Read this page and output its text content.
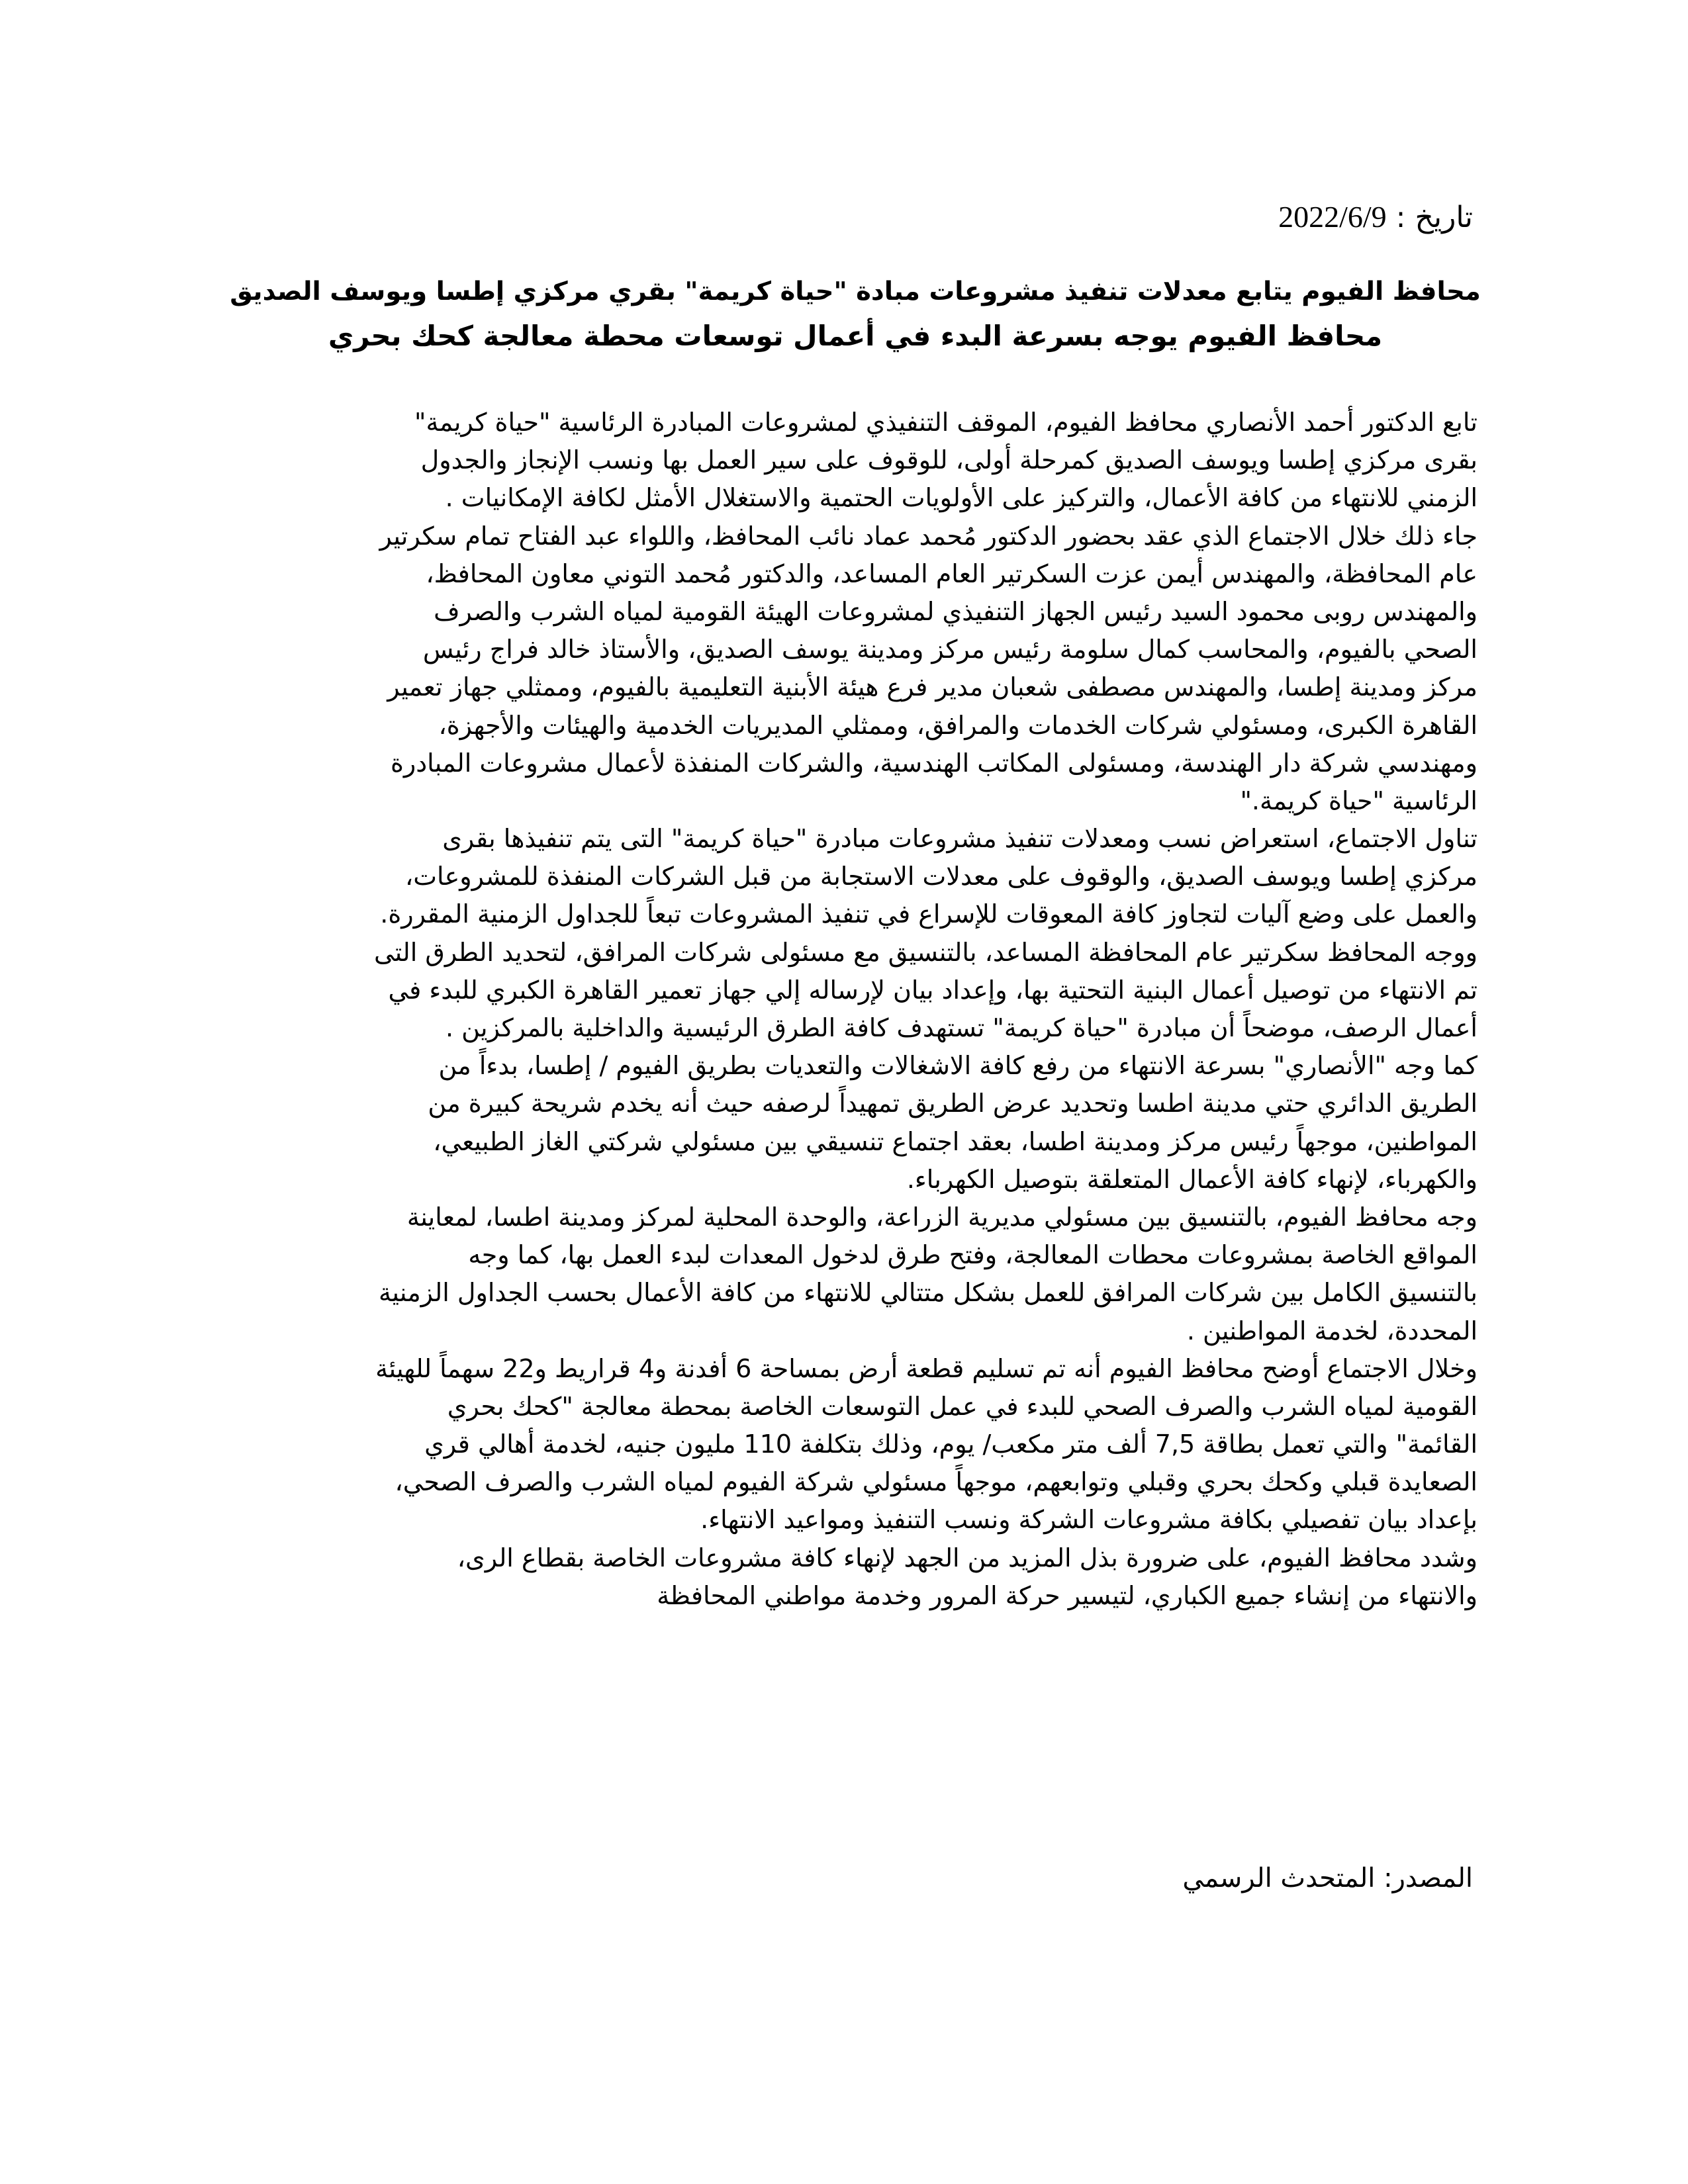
تاريخ : 2022/6/9
محافظ الفيوم يتابع معدلات تنفيذ مشروعات مبادة "حياة كريمة" بقري مركزي إطسا ويوسف الصديق
محافظ الفيوم يوجه بسرعة البدء في أعمال توسعات محطة معالجة كحك بحري
تابع الدكتور أحمد الأنصاري محافظ الفيوم، الموقف التنفيذي لمشروعات المبادرة الرئاسية "حياة كريمة"
بقرى مركزي إطسا ويوسف الصديق كمرحلة أولى، للوقوف على سير العمل بها ونسب الإنجاز والجدول
الزمني للانتهاء من كافة الأعمال، والتركيز على الأولويات الحتمية والاستغلال الأمثل لكافة الإمكانيات .
جاء ذلك خلال الاجتماع الذي عقد بحضور الدكتور مُحمد عماد نائب المحافظ، واللواء عبد الفتاح تمام سكرتير
عام المحافظة، والمهندس أيمن عزت السكرتير العام المساعد، والدكتور مُحمد التوني معاون المحافظ،
والمهندس روبى محمود السيد رئيس الجهاز التنفيذي لمشروعات الهيئة القومية لمياه الشرب والصرف
الصحي بالفيوم، والمحاسب كمال سلومة رئيس مركز ومدينة يوسف الصديق، والأستاذ خالد فراج رئيس
مركز ومدينة إطسا، والمهندس مصطفى شعبان مدير فرع هيئة الأبنية التعليمية بالفيوم، وممثلي جهاز تعمير
القاهرة الكبرى، ومسئولي شركات الخدمات والمرافق، وممثلي المديريات الخدمية والهيئات والأجهزة،
ومهندسي شركة دار الهندسة، ومسئولى المكاتب الهندسية، والشركات المنفذة لأعمال مشروعات المبادرة
الرئاسية "حياة كريمة."
تناول الاجتماع، استعراض نسب ومعدلات تنفيذ مشروعات مبادرة "حياة كريمة" التى يتم تنفيذها بقرى
مركزي إطسا ويوسف الصديق، والوقوف على معدلات الاستجابة من قبل الشركات المنفذة للمشروعات،
والعمل على وضع آليات لتجاوز كافة المعوقات للإسراع في تنفيذ المشروعات تبعاً للجداول الزمنية المقررة.
ووجه المحافظ سكرتير عام المحافظة المساعد، بالتنسيق مع مسئولى شركات المرافق، لتحديد الطرق التى
تم الانتهاء من توصيل أعمال البنية التحتية بها، وإعداد بيان لإرساله إلي جهاز تعمير القاهرة الكبري للبدء في
أعمال الرصف، موضحاً أن مبادرة "حياة كريمة" تستهدف كافة الطرق الرئيسية والداخلية بالمركزين .
كما وجه "الأنصاري" بسرعة الانتهاء من رفع كافة الاشغالات والتعديات بطريق الفيوم / إطسا، بدءاً من
الطريق الدائري حتي مدينة اطسا وتحديد عرض الطريق تمهيداً لرصفه حيث أنه يخدم شريحة كبيرة من
المواطنين، موجهاً رئيس مركز ومدينة اطسا، بعقد اجتماع تنسيقي بين مسئولي شركتي الغاز الطبيعي،
والكهرباء، لإنهاء كافة الأعمال المتعلقة بتوصيل الكهرباء.
وجه محافظ الفيوم، بالتنسيق بين مسئولي مديرية الزراعة، والوحدة المحلية لمركز ومدينة اطسا، لمعاينة
المواقع الخاصة بمشروعات محطات المعالجة، وفتح طرق لدخول المعدات لبدء العمل بها، كما وجه
بالتنسيق الكامل بين شركات المرافق للعمل بشكل متتالي للانتهاء من كافة الأعمال بحسب الجداول الزمنية
المحددة، لخدمة المواطنين .
وخلال الاجتماع أوضح محافظ الفيوم أنه تم تسليم قطعة أرض بمساحة 6 أفدنة و4 قراريط و22 سهماً للهيئة
القومية لمياه الشرب والصرف الصحي للبدء في عمل التوسعات الخاصة بمحطة معالجة "كحك بحري
القائمة" والتي تعمل بطاقة 7,5 ألف متر مكعب/ يوم، وذلك بتكلفة 110 مليون جنيه، لخدمة أهالي قري
الصعايدة قبلي وكحك بحري وقبلي وتوابعهم، موجهاً مسئولي شركة الفيوم لمياه الشرب والصرف الصحي،
بإعداد بيان تفصيلي بكافة مشروعات الشركة ونسب التنفيذ ومواعيد الانتهاء.
وشدد محافظ الفيوم، على ضرورة بذل المزيد من الجهد لإنهاء كافة مشروعات الخاصة بقطاع الرى،
والانتهاء من إنشاء جميع الكباري، لتيسير حركة المرور وخدمة مواطني المحافظة
المصدر: المتحدث الرسمي
